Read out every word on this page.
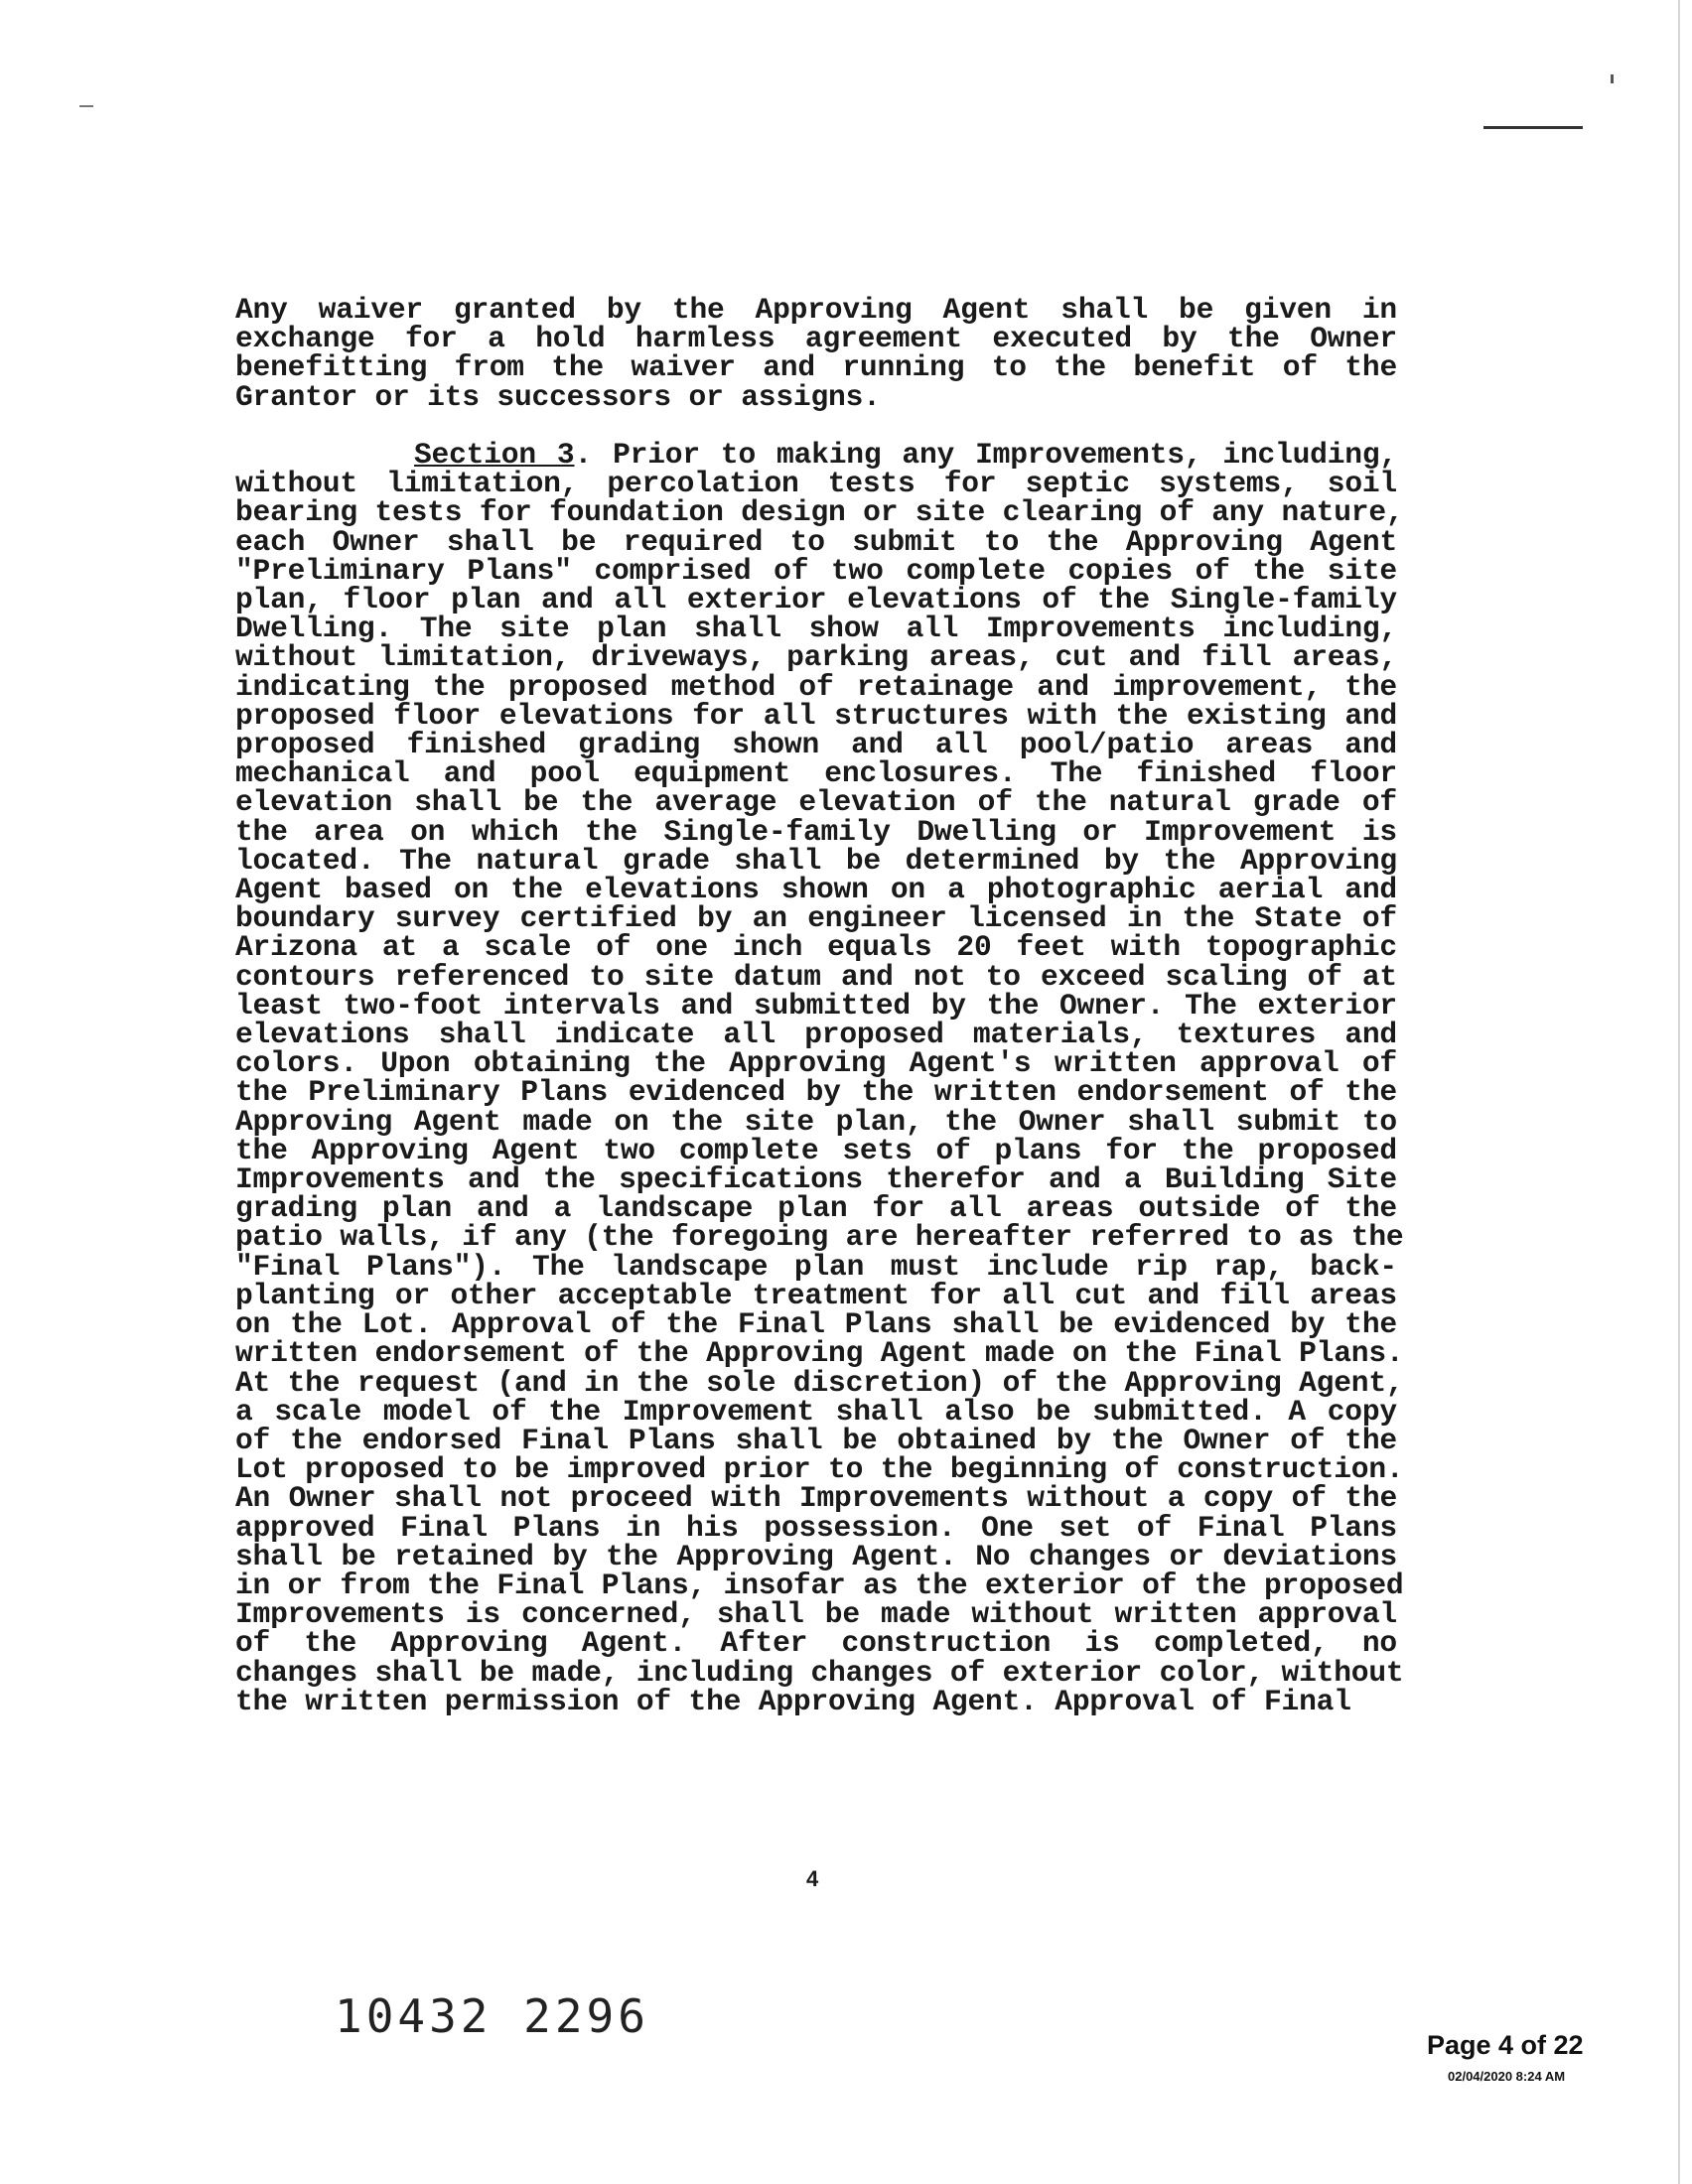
Any waiver granted by the Approving Agent shall be given in
exchange for a hold harmless agreement executed by the Owner
benefitting from the waiver and running to the benefit of the
Grantor or its successors or assigns.
Section 3. Prior to making any Improvements, including,
without limitation, percolation tests for septic systems, soil
bearing tests for foundation design or site clearing of any nature,
each Owner shall be required to submit to the Approving Agent
"Preliminary Plans" comprised of two complete copies of the site
plan, floor plan and all exterior elevations of the Single-family
Dwelling. The site plan shall show all Improvements including,
without limitation, driveways, parking areas, cut and fill areas,
indicating the proposed method of retainage and improvement, the
proposed floor elevations for all structures with the existing and
proposed finished grading shown and all pool/patio areas and
mechanical and pool equipment enclosures. The finished floor
elevation shall be the average elevation of the natural grade of
the area on which the Single-family Dwelling or Improvement is
located. The natural grade shall be determined by the Approving
Agent based on the elevations shown on a photographic aerial and
boundary survey certified by an engineer licensed in the State of
Arizona at a scale of one inch equals 20 feet with topographic
contours referenced to site datum and not to exceed scaling of at
least two-foot intervals and submitted by the Owner. The exterior
elevations shall indicate all proposed materials, textures and
colors. Upon obtaining the Approving Agent's written approval of
the Preliminary Plans evidenced by the written endorsement of the
Approving Agent made on the site plan, the Owner shall submit to
the Approving Agent two complete sets of plans for the proposed
Improvements and the specifications therefor and a Building Site
grading plan and a landscape plan for all areas outside of the
patio walls, if any (the foregoing are hereafter referred to as the
"Final Plans"). The landscape plan must include rip rap, back-
planting or other acceptable treatment for all cut and fill areas
on the Lot. Approval of the Final Plans shall be evidenced by the
written endorsement of the Approving Agent made on the Final Plans.
At the request (and in the sole discretion) of the Approving Agent,
a scale model of the Improvement shall also be submitted. A copy
of the endorsed Final Plans shall be obtained by the Owner of the
Lot proposed to be improved prior to the beginning of construction.
An Owner shall not proceed with Improvements without a copy of the
approved Final Plans in his possession. One set of Final Plans
shall be retained by the Approving Agent. No changes or deviations
in or from the Final Plans, insofar as the exterior of the proposed
Improvements is concerned, shall be made without written approval
of the Approving Agent. After construction is completed, no
changes shall be made, including changes of exterior color, without
the written permission of the Approving Agent. Approval of Final
4
10432 2296
Page 4 of 22
02/04/2020 8:24 AM
